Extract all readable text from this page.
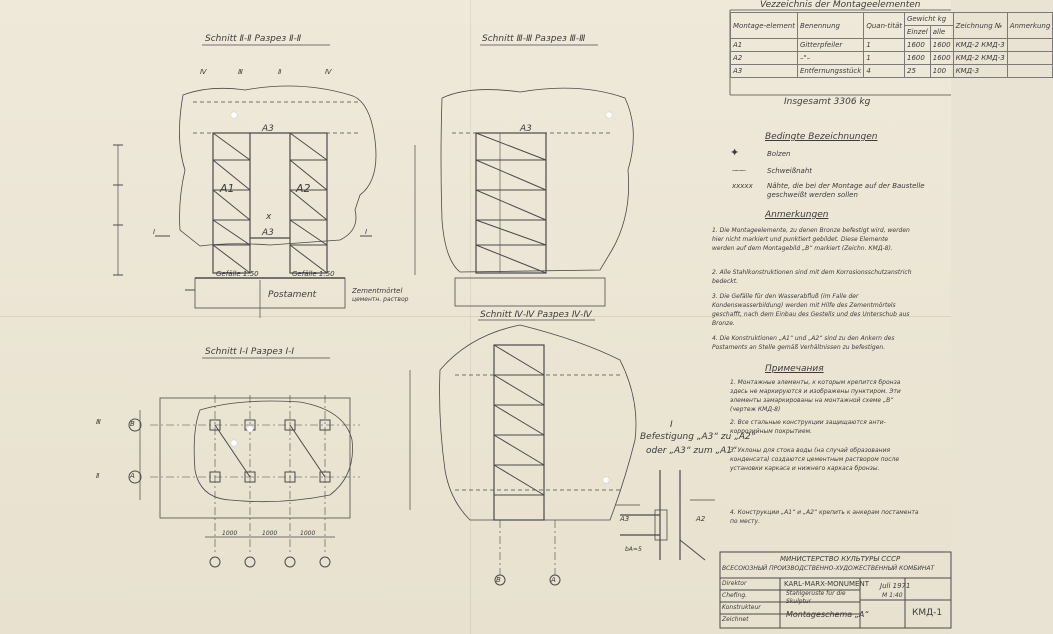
Schnitt Ⅱ-Ⅱ Разрез Ⅱ-Ⅱ	Schnitt Ⅲ-Ⅲ Разрез Ⅲ-Ⅲ
Schnitt Ⅳ-Ⅳ Разрез Ⅳ-Ⅳ
Schnitt Ⅰ-Ⅰ Разрез Ⅰ-Ⅰ
A1	A2
A3
A3
A3
x
Gefälle 1:50	Gefälle 1:50
Postament	Zementmörtel
цементн. раствор
Ⅳ	Ⅲ	Ⅱ	Ⅳ
Ⅰ	Ⅰ
Ⅲ
Ⅱ
B
A
1000	1000	1000
B	A
Ⅰ
Befestigung „A3“ zu „A2“
oder „A3“ zum „A1“
A3	A2
bA=5
Vezzeichnis der Montageelementen
Montage-element	Benennung	Quan-tität	Gewicht kg		Zeichnung №	Anmerkung
			Einzel	alle		
A1	Gitterpfeiler	1	1600	1600	КМД-2 КМД-3	
A2	–"–	1	1600	1600	КМД-2 КМД-3	
A3	Entfernungsstück	4	25	100	КМД-3	
Insgesamt 3306 kg
Bedingte Bezeichnungen
✦	Bolzen
...........	Schweißnaht
xxxxx Nähte, die bei der Montage auf der Baustelle geschweißt werden sollen
Anmerkungen
1. Die Montageelemente, zu denen Bronze befestigt wird, werden hier nicht markiert und punktiert gebildet. Diese Elemente werden auf dem Montagebild „B“ markiert (Zeichn. КМД-8).
2. Alle Stahlkonstruktionen sind mit dem Korrosionsschutzanstrich bedeckt.
3. Die Gefälle für den Wasserabfluß (im Falle der Kondenswasserbildung) werden mit Hilfe des Zementmörtels geschafft, nach dem Einbau des Gestells und des Unterschub aus Bronze.
4. Die Konstruktionen „A1“ und „A2“ sind zu den Ankern des Postaments an Stelle gemäß Verhältnissen zu befestigen.
Примечания
1. Монтажные элементы, к которым крепится бронза здесь не маркируются и изображены пунктиром. Эти элементы замаркированы на монтажной схеме „В“ (чертеж КМД-8)
2. Все стальные конструкции защищаются анти-коррозийным покрытием.
3. Уклоны для стока воды (на случай образования конденсата) создаются цементным раствором после установки каркаса и нижнего каркаса бронзы.
4. Конструкции „А1“ и „А2“ крепить к анкерам постамента по месту.
МИНИСТЕРСТВО КУЛЬТУРЫ СССР
ВСЕСОЮЗНЫЙ ПРОИЗВОДСТВЕННО-ХУДОЖЕСТВЕННЫЙ КОМБИНАТ
Direktor
Chefing.
Konstrukteur
Zeichnet
KARL-MARX-MONUMENT
Stahlgerüste für die Skulptur
Montageschema „A“
Juli 1971
M 1:40
КМД-1
